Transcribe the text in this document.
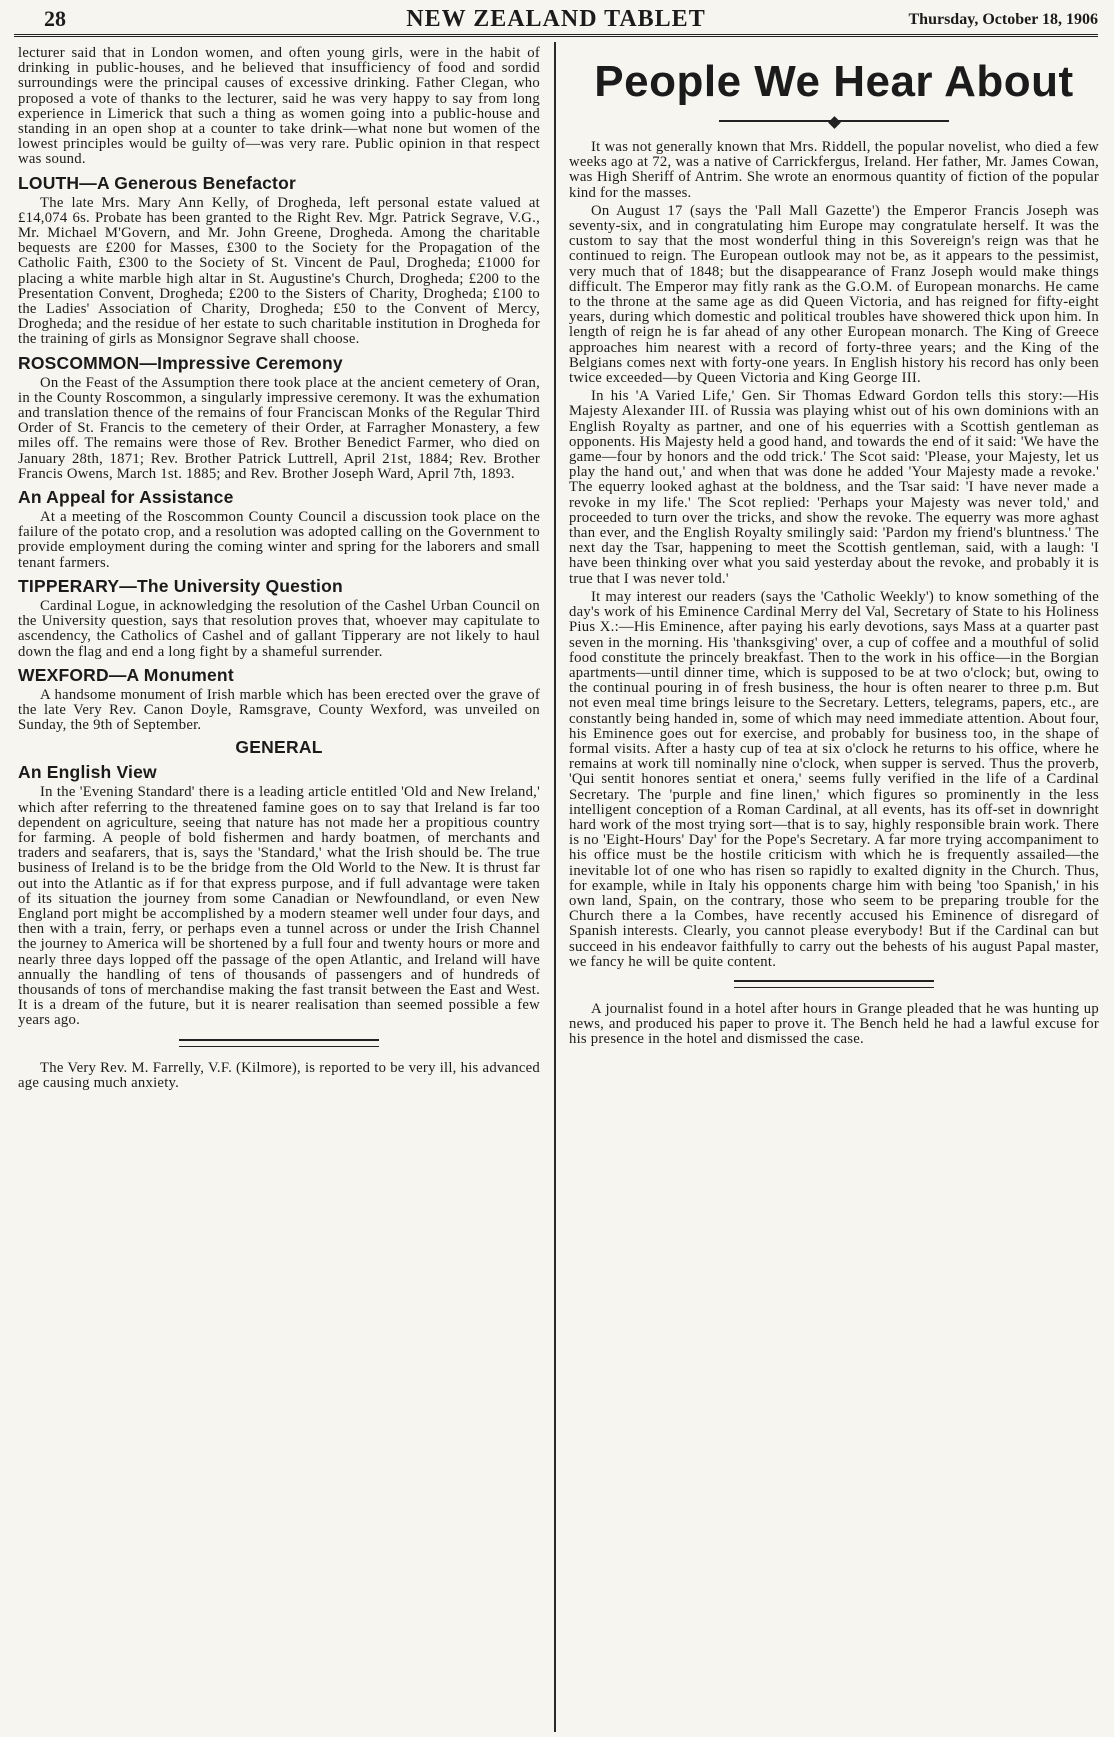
28	NEW ZEALAND TABLET	Thursday, October 18, 1906

lecturer said that in London women, and often young girls, were in the habit of drinking in public-houses, and he believed that insufficiency of food and sordid surroundings were the principal causes of excessive drinking. Father Clegan, who proposed a vote of thanks to the lecturer, said he was very happy to say from long experience in Limerick that such a thing as women going into a public-house and standing in an open shop at a counter to take drink—what none but women of the lowest principles would be guilty of—was very rare. Public opinion in that respect was sound.

LOUTH—A Generous Benefactor

The late Mrs. Mary Ann Kelly, of Drogheda, left personal estate valued at £14,074 6s. Probate has been granted to the Right Rev. Mgr. Patrick Segrave, V.G., Mr. Michael M'Govern, and Mr. John Greene, Drogheda. Among the charitable bequests are £200 for Masses, £300 to the Society for the Propagation of the Catholic Faith, £300 to the Society of St. Vincent de Paul, Drogheda; £1000 for placing a white marble high altar in St. Augustine's Church, Drogheda; £200 to the Presentation Convent, Drogheda; £200 to the Sisters of Charity, Drogheda; £100 to the Ladies' Association of Charity, Drogheda; £50 to the Convent of Mercy, Drogheda; and the residue of her estate to such charitable institution in Drogheda for the training of girls as Monsignor Segrave shall choose.

ROSCOMMON—Impressive Ceremony

On the Feast of the Assumption there took place at the ancient cemetery of Oran, in the County Roscommon, a singularly impressive ceremony. It was the exhumation and translation thence of the remains of four Franciscan Monks of the Regular Third Order of St. Francis to the cemetery of their Order, at Farragher Monastery, a few miles off. The remains were those of Rev. Brother Benedict Farmer, who died on January 28th, 1871; Rev. Brother Patrick Luttrell, April 21st, 1884; Rev. Brother Francis Owens, March 1st. 1885; and Rev. Brother Joseph Ward, April 7th, 1893.

An Appeal for Assistance

At a meeting of the Roscommon County Council a discussion took place on the failure of the potato crop, and a resolution was adopted calling on the Government to provide employment during the coming winter and spring for the laborers and small tenant farmers.

TIPPERARY—The University Question

Cardinal Logue, in acknowledging the resolution of the Cashel Urban Council on the University question, says that resolution proves that, whoever may capitulate to ascendency, the Catholics of Cashel and of gallant Tipperary are not likely to haul down the flag and end a long fight by a shameful surrender.

WEXFORD—A Monument

A handsome monument of Irish marble which has been erected over the grave of the late Very Rev. Canon Doyle, Ramsgrave, County Wexford, was unveiled on Sunday, the 9th of September.

GENERAL
An English View

In the 'Evening Standard' there is a leading article entitled 'Old and New Ireland,' which after referring to the threatened famine goes on to say that Ireland is far too dependent on agriculture, seeing that nature has not made her a propitious country for farming. A people of bold fishermen and hardy boatmen, of merchants and traders and seafarers, that is, says the 'Standard,' what the Irish should be. The true business of Ireland is to be the bridge from the Old World to the New. It is thrust far out into the Atlantic as if for that express purpose, and if full advantage were taken of its situation the journey from some Canadian or Newfoundland, or even New England port might be accomplished by a modern steamer well under four days, and then with a train, ferry, or perhaps even a tunnel across or under the Irish Channel the journey to America will be shortened by a full four and twenty hours or more and nearly three days lopped off the passage of the open Atlantic, and Ireland will have annually the handling of tens of thousands of passengers and of hundreds of thousands of tons of merchandise making the fast transit between the East and West. It is a dream of the future, but it is nearer realisation than seemed possible a few years ago.

The Very Rev. M. Farrelly, V.F. (Kilmore), is reported to be very ill, his advanced age causing much anxiety.

People We Hear About

It was not generally known that Mrs. Riddell, the popular novelist, who died a few weeks ago at 72, was a native of Carrickfergus, Ireland. Her father, Mr. James Cowan, was High Sheriff of Antrim. She wrote an enormous quantity of fiction of the popular kind for the masses.

On August 17 (says the 'Pall Mall Gazette') the Emperor Francis Joseph was seventy-six, and in congratulating him Europe may congratulate herself. It was the custom to say that the most wonderful thing in this Sovereign's reign was that he continued to reign. The European outlook may not be, as it appears to the pessimist, very much that of 1848; but the disappearance of Franz Joseph would make things difficult. The Emperor may fitly rank as the G.O.M. of European monarchs. He came to the throne at the same age as did Queen Victoria, and has reigned for fifty-eight years, during which domestic and political troubles have showered thick upon him. In length of reign he is far ahead of any other European monarch. The King of Greece approaches him nearest with a record of forty-three years; and the King of the Belgians comes next with forty-one years. In English history his record has only been twice exceeded—by Queen Victoria and King George III.

In his 'A Varied Life,' Gen. Sir Thomas Edward Gordon tells this story:—His Majesty Alexander III. of Russia was playing whist out of his own dominions with an English Royalty as partner, and one of his equerries with a Scottish gentleman as opponents. His Majesty held a good hand, and towards the end of it said: 'We have the game—four by honors and the odd trick.' The Scot said: 'Please, your Majesty, let us play the hand out,' and when that was done he added 'Your Majesty made a revoke.' The equerry looked aghast at the boldness, and the Tsar said: 'I have never made a revoke in my life.' The Scot replied: 'Perhaps your Majesty was never told,' and proceeded to turn over the tricks, and show the revoke. The equerry was more aghast than ever, and the English Royalty smilingly said: 'Pardon my friend's bluntness.' The next day the Tsar, happening to meet the Scottish gentleman, said, with a laugh: 'I have been thinking over what you said yesterday about the revoke, and probably it is true that I was never told.'

It may interest our readers (says the 'Catholic Weekly') to know something of the day's work of his Eminence Cardinal Merry del Val, Secretary of State to his Holiness Pius X.:—His Eminence, after paying his early devotions, says Mass at a quarter past seven in the morning. His 'thanksgiving' over, a cup of coffee and a mouthful of solid food constitute the princely breakfast. Then to the work in his office—in the Borgian apartments—until dinner time, which is supposed to be at two o'clock; but, owing to the continual pouring in of fresh business, the hour is often nearer to three p.m. But not even meal time brings leisure to the Secretary. Letters, telegrams, papers, etc., are constantly being handed in, some of which may need immediate attention. About four, his Eminence goes out for exercise, and probably for business too, in the shape of formal visits. After a hasty cup of tea at six o'clock he returns to his office, where he remains at work till nominally nine o'clock, when supper is served. Thus the proverb, 'Qui sentit honores sentiat et onera,' seems fully verified in the life of a Cardinal Secretary. The 'purple and fine linen,' which figures so prominently in the less intelligent conception of a Roman Cardinal, at all events, has its off-set in downright hard work of the most trying sort—that is to say, highly responsible brain work. There is no 'Eight-Hours' Day' for the Pope's Secretary. A far more trying accompaniment to his office must be the hostile criticism with which he is frequently assailed—the inevitable lot of one who has risen so rapidly to exalted dignity in the Church. Thus, for example, while in Italy his opponents charge him with being 'too Spanish,' in his own land, Spain, on the contrary, those who seem to be preparing trouble for the Church there a la Combes, have recently accused his Eminence of disregard of Spanish interests. Clearly, you cannot please everybody! But if the Cardinal can but succeed in his endeavor faithfully to carry out the behests of his august Papal master, we fancy he will be quite content.

A journalist found in a hotel after hours in Grange pleaded that he was hunting up news, and produced his paper to prove it. The Bench held he had a lawful excuse for his presence in the hotel and dismissed the case.
